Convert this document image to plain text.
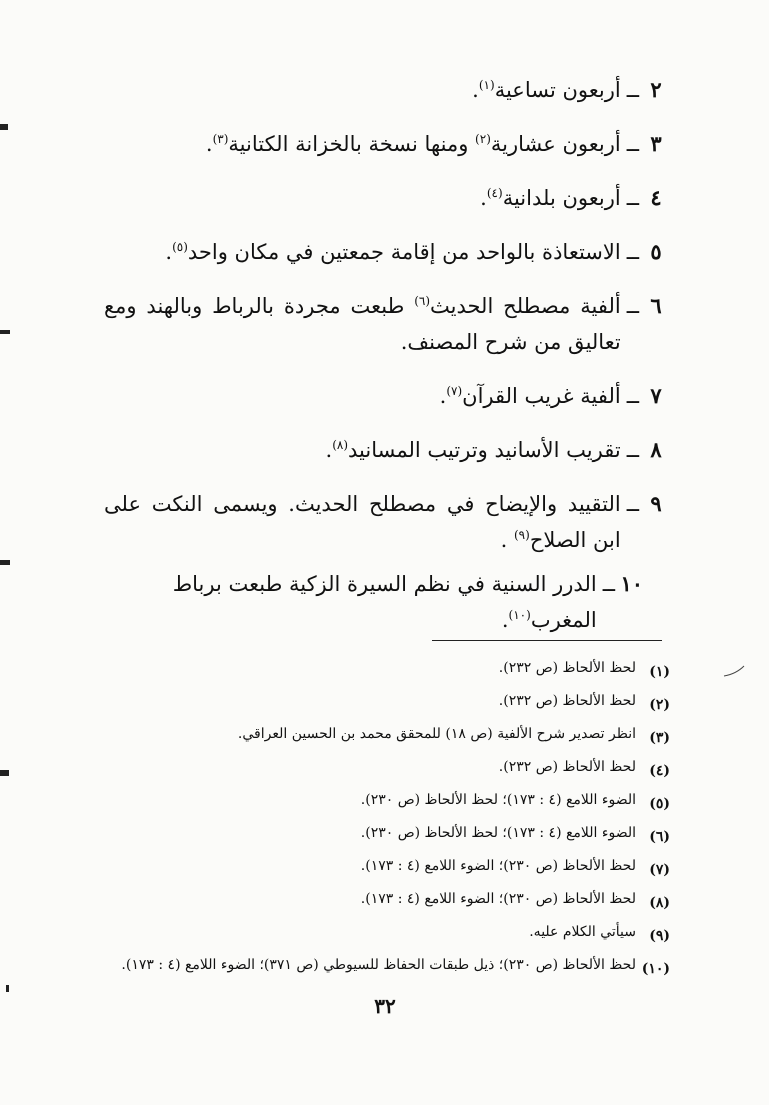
٢
ــ
أربعون تساعية$^{(١)}$.
٣
ــ
أربعون عشارية$^{(٢)}$ ومنها نسخة بالخزانة الكتانية$^{(٣)}$.
٤
ــ
أربعون بلدانية$^{(٤)}$.
٥
ــ
الاستعاذة بالواحد من إقامة جمعتين في مكان واحد$^{(٥)}$.
٦
ــ
ألفية مصطلح الحديث$^{(٦)}$ طبعت مجردة بالرباط وبالهند ومع تعاليق من شرح المصنف.
٧
ــ
ألفية غريب القرآن$^{(٧)}$.
٨
ــ
تقريب الأسانيد وترتيب المسانيد$^{(٨)}$.
٩
ــ
التقييد والإيضاح في مصطلح الحديث. ويسمى النكت على ابن الصلاح$^{(٩)}$ .
١٠
ــ
الدرر السنية في نظم السيرة الزكية طبعت برباط المغرب$^{(١٠)}$.
(١)
لحظ الألحاظ (ص ٢٣٢).
(٢)
لحظ الألحاظ (ص ٢٣٢).
(٣)
انظر تصدير شرح الألفية (ص ١٨) للمحقق محمد بن الحسين العراقي.
(٤)
لحظ الألحاظ (ص ٢٣٢).
(٥)
الضوء اللامع (٤ : ١٧٣)؛ لحظ الألحاظ (ص ٢٣٠).
(٦)
الضوء اللامع (٤ : ١٧٣)؛ لحظ الألحاظ (ص ٢٣٠).
(٧)
لحظ الألحاظ (ص ٢٣٠)؛ الضوء اللامع (٤ : ١٧٣).
(٨)
لحظ الألحاظ (ص ٢٣٠)؛ الضوء اللامع (٤ : ١٧٣).
(٩)
سيأتي الكلام عليه.
(١٠)
لحظ الألحاظ (ص ٢٣٠)؛ ذيل طبقات الحفاظ للسيوطي (ص ٣٧١)؛ الضوء اللامع (٤ : ١٧٣).
٣٢
